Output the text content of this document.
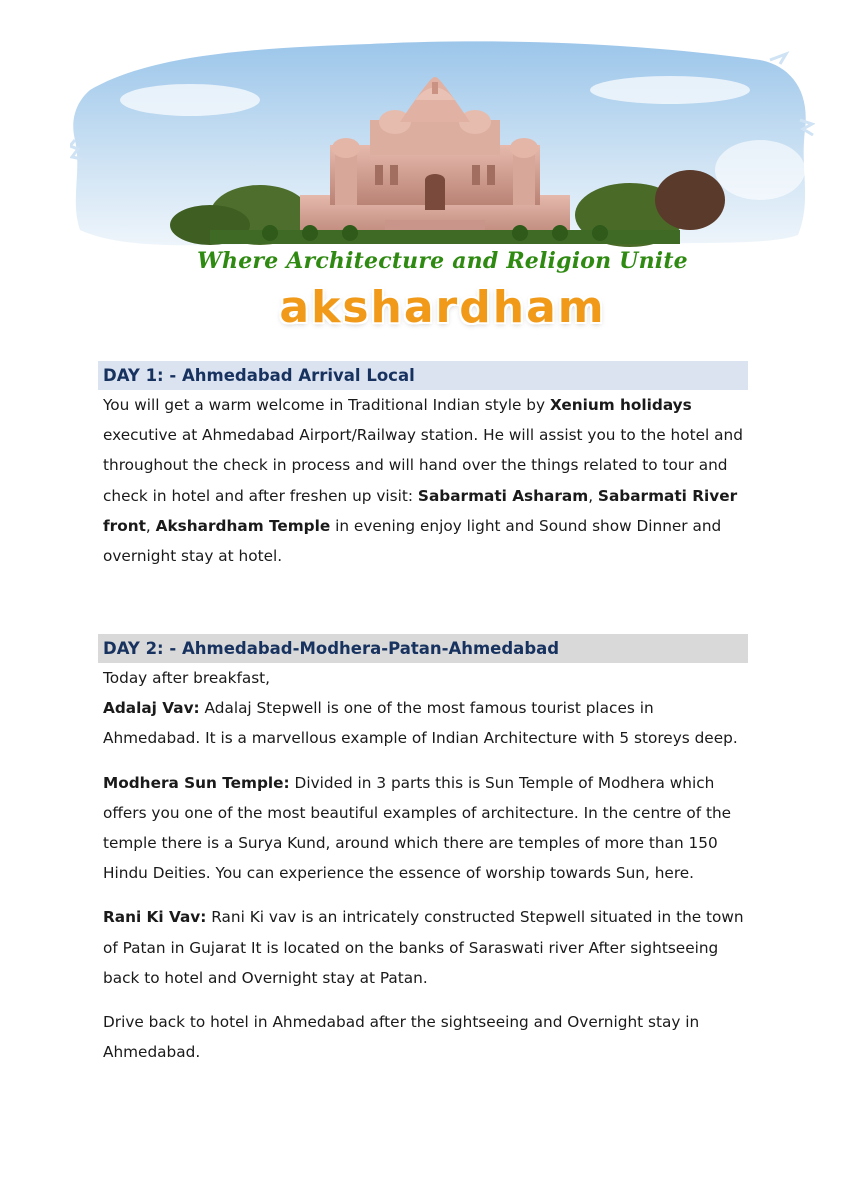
Where Architecture and Religion Unite
akshardham
DAY 1: - Ahmedabad Arrival Local

You will get a warm welcome in Traditional Indian style by Xenium holidays executive at Ahmedabad Airport/Railway station. He will assist you to the hotel and throughout the check in process and will hand over the things related to tour and check in hotel and after freshen up visit: Sabarmati Asharam, Sabarmati River front, Akshardham Temple in evening enjoy light and Sound show Dinner and overnight stay at hotel.

DAY 2: - Ahmedabad-Modhera-Patan-Ahmedabad

Today after breakfast,

Adalaj Vav: Adalaj Stepwell is one of the most famous tourist places in Ahmedabad. It is a marvellous example of Indian Architecture with 5 storeys deep.

Modhera Sun Temple: Divided in 3 parts this is Sun Temple of Modhera which offers you one of the most beautiful examples of architecture. In the centre of the temple there is a Surya Kund, around which there are temples of more than 150 Hindu Deities. You can experience the essence of worship towards Sun, here.

Rani Ki Vav: Rani Ki vav is an intricately constructed Stepwell situated in the town of Patan in Gujarat It is located on the banks of Saraswati river After sightseeing back to hotel and Overnight stay at Patan.

Drive back to hotel in Ahmedabad after the sightseeing and Overnight stay in Ahmedabad.
